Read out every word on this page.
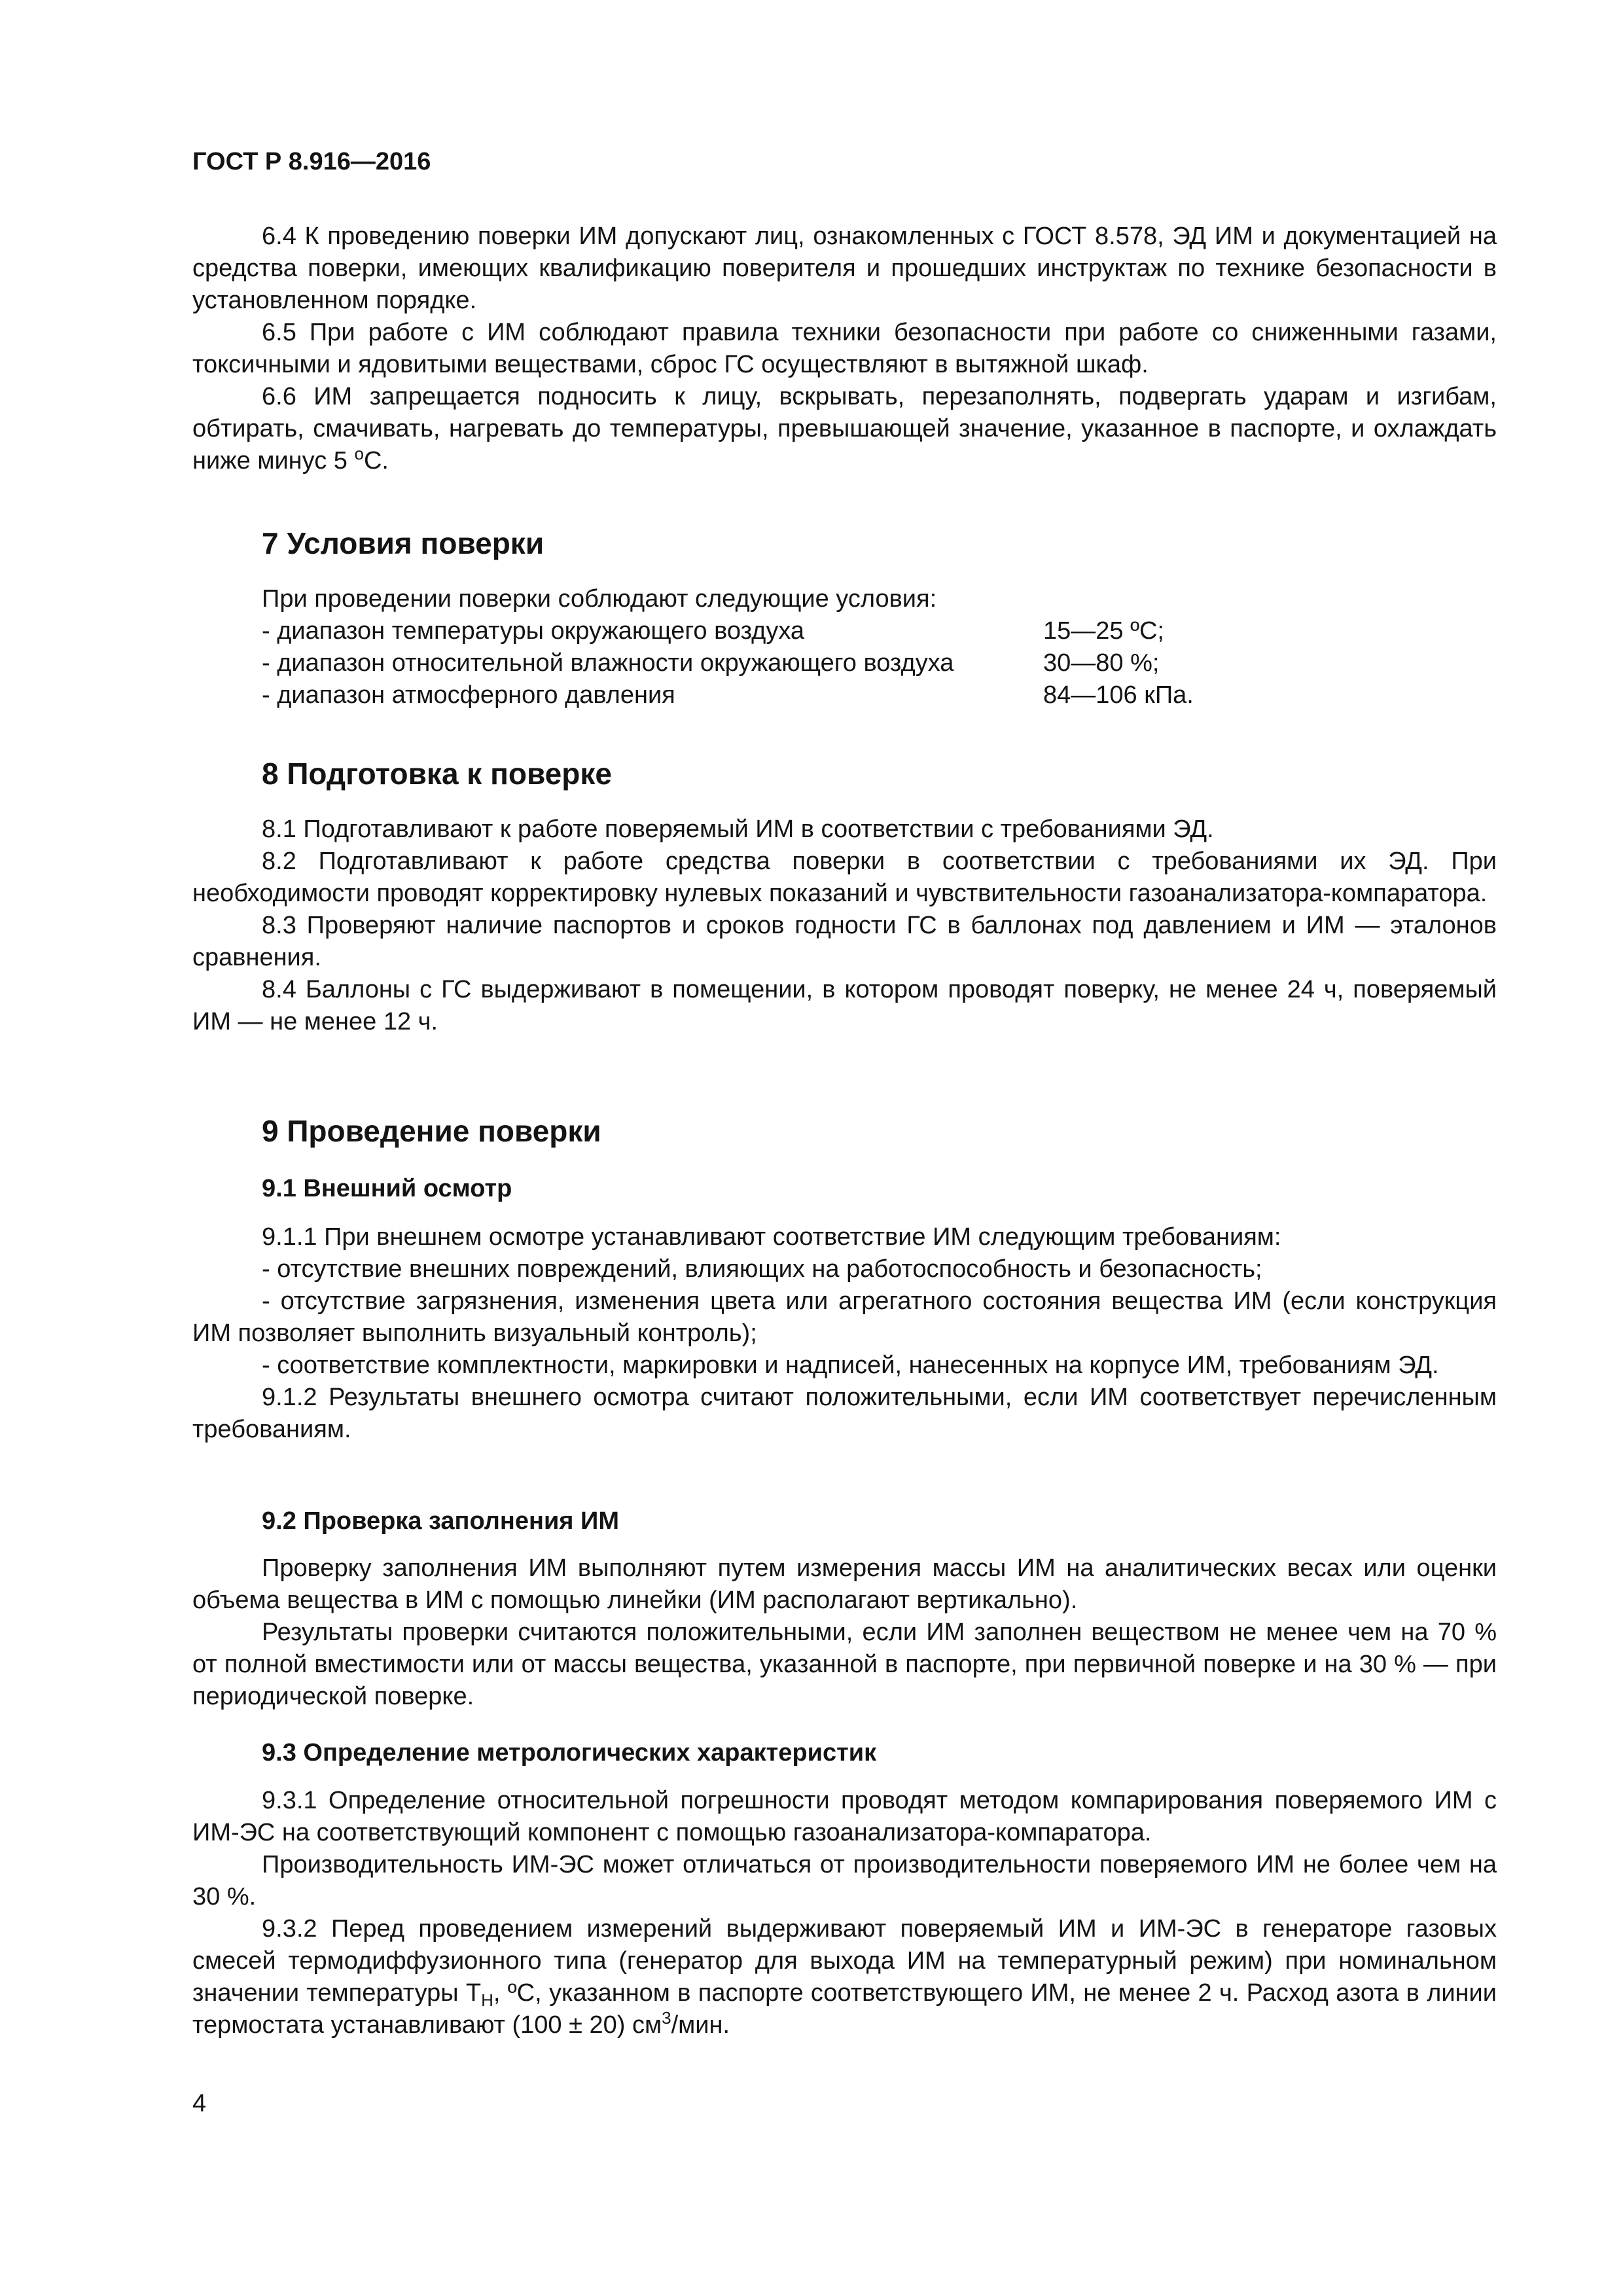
ГОСТ Р 8.916—2016

6.4 К проведению поверки ИМ допускают лиц, ознакомленных с ГОСТ 8.578, ЭД ИМ и документацией на средства поверки, имеющих квалификацию поверителя и прошедших инструктаж по технике безопасности в установленном порядке.

6.5 При работе с ИМ соблюдают правила техники безопасности при работе со сниженными газами, токсичными и ядовитыми веществами, сброс ГС осуществляют в вытяжной шкаф.

6.6 ИМ запрещается подносить к лицу, вскрывать, перезаполнять, подвергать ударам и изгибам, обтирать, смачивать, нагревать до температуры, превышающей значение, указанное в паспорте, и охлаждать ниже минус 5 $^о$С.

7 Условия поверки
При проведении поверки соблюдают следующие условия:
- диапазон температуры окружающего воздуха	15—25 ºС;
- диапазон относительной влажности окружающего воздуха	30—80 %;
- диапазон атмосферного давления	84—106 кПа.
8 Подготовка к поверке

8.1 Подготавливают к работе поверяемый ИМ в соответствии с требованиями ЭД.

8.2 Подготавливают к работе средства поверки в соответствии с требованиями их ЭД. При необходимости проводят корректировку нулевых показаний и чувствительности газоанализатора-компаратора.

8.3 Проверяют наличие паспортов и сроков годности ГС в баллонах под давлением и ИМ — эталонов сравнения.

8.4 Баллоны с ГС выдерживают в помещении, в котором проводят поверку, не менее 24 ч, поверяемый ИМ — не менее 12 ч.

9 Проведение поверки
9.1 Внешний осмотр

9.1.1 При внешнем осмотре устанавливают соответствие ИМ следующим требованиям:

- отсутствие внешних повреждений, влияющих на работоспособность и безопасность;

- отсутствие загрязнения, изменения цвета или агрегатного состояния вещества ИМ (если конструкция ИМ позволяет выполнить визуальный контроль);

- соответствие комплектности, маркировки и надписей, нанесенных на корпусе ИМ, требованиям ЭД.

9.1.2 Результаты внешнего осмотра считают положительными, если ИМ соответствует перечисленным требованиям.

9.2 Проверка заполнения ИМ

Проверку заполнения ИМ выполняют путем измерения массы ИМ на аналитических весах или оценки объема вещества в ИМ с помощью линейки (ИМ располагают вертикально).

Результаты проверки считаются положительными, если ИМ заполнен веществом не менее чем на 70 % от полной вместимости или от массы вещества, указанной в паспорте, при первичной поверке и на 30 % — при периодической поверке.

9.3 Определение метрологических характеристик

9.3.1 Определение относительной погрешности проводят методом компарирования поверяемого ИМ с ИМ-ЭС на соответствующий компонент с помощью газоанализатора-компаратора.

Производительность ИМ-ЭС может отличаться от производительности поверяемого ИМ не более чем на 30 %.

9.3.2 Перед проведением измерений выдерживают поверяемый ИМ и ИМ-ЭС в генераторе газовых смесей термодиффузионного типа (генератор для выхода ИМ на температурный режим) при номинальном значении температуры $T_Н$, ºС, указанном в паспорте соответствующего ИМ, не менее 2 ч. Расход азота в линии термостата устанавливают (100 ± 20) $см^3$/мин.

4
